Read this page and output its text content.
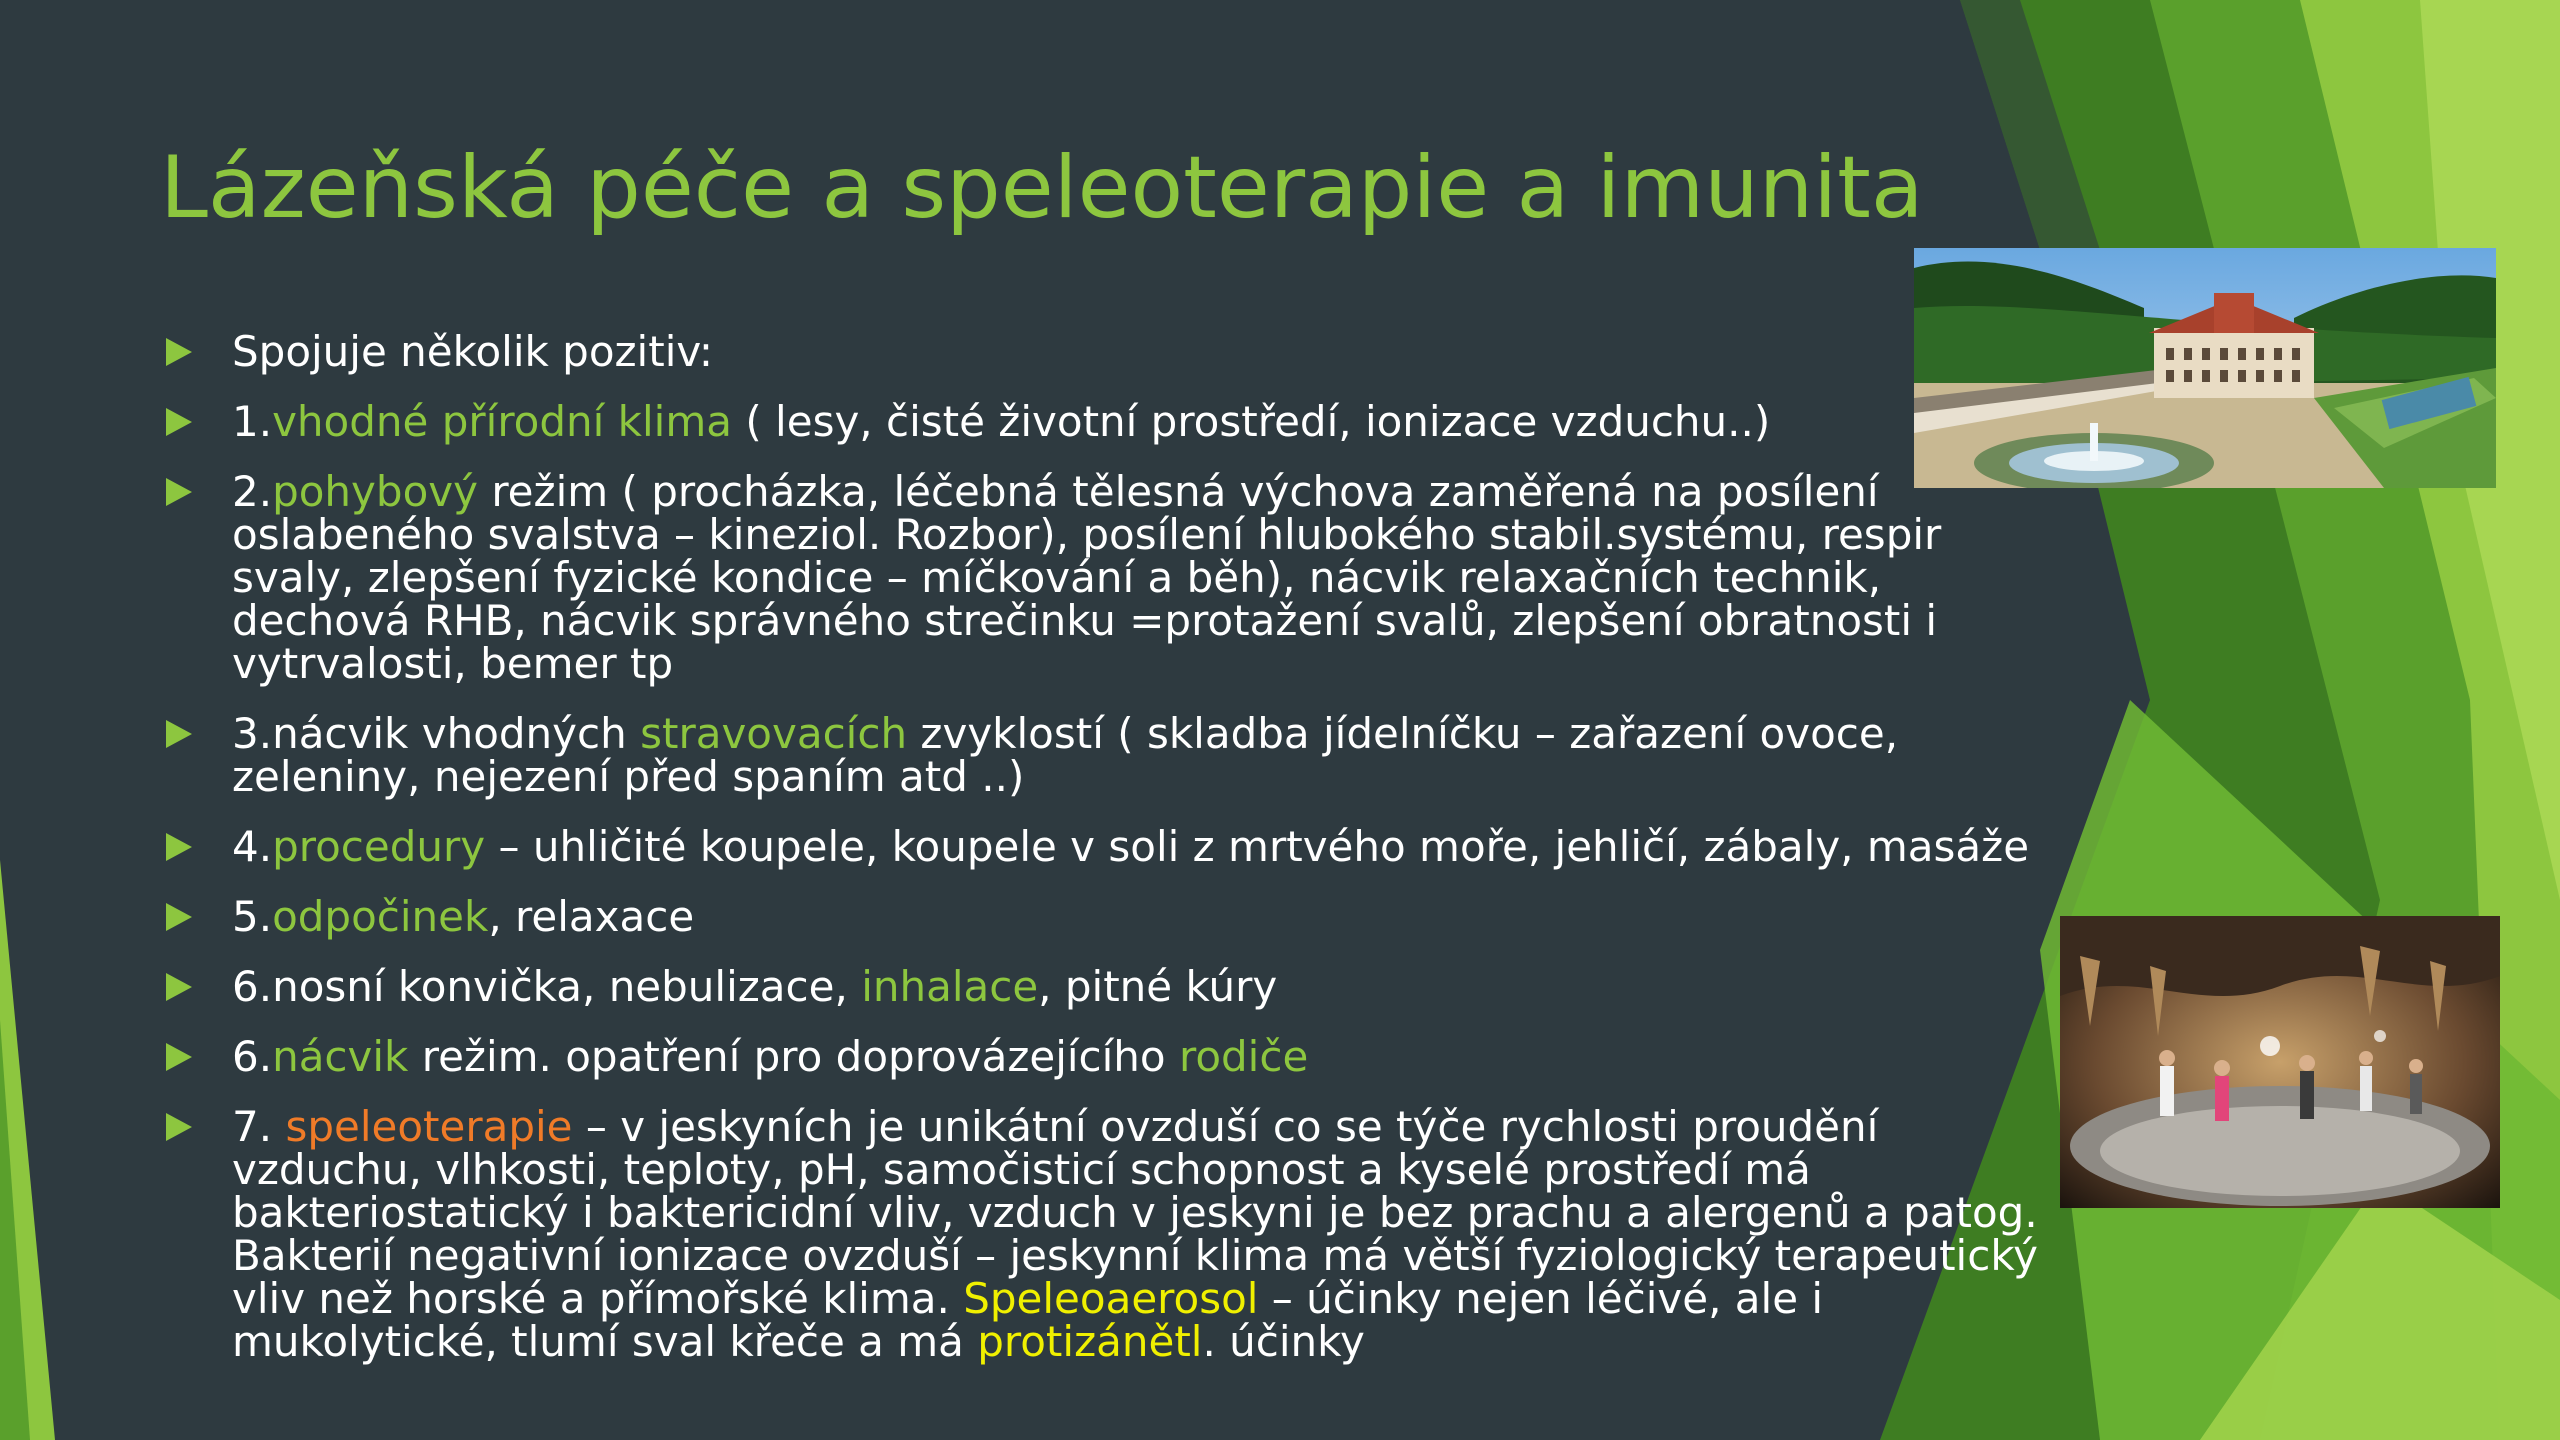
Lázeňská péče a speleoterapie a imunita
Spojuje několik pozitiv:
1.vhodné přírodní klima ( lesy, čisté životní prostředí, ionizace vzduchu..)
2.pohybový režim ( procházka, léčebná tělesná výchova zaměřená na posílení oslabeného svalstva – kineziol. Rozbor), posílení hlubokého stabil.systému, respir svaly, zlepšení fyzické kondice – míčkování a běh), nácvik relaxačních technik, dechová RHB, nácvik správného strečinku =protažení svalů, zlepšení obratnosti i vytrvalosti, bemer tp
3.nácvik vhodných stravovacích zvyklostí ( skladba jídelníčku – zařazení ovoce, zeleniny, nejezení před spaním atd ..)
4.procedury – uhličité koupele, koupele v soli z mrtvého moře, jehličí, zábaly, masáže
5.odpočinek, relaxace
6.nosní konvička, nebulizace, inhalace, pitné kúry
6.nácvik režim. opatření pro doprovázejícího rodiče
7. speleoterapie – v jeskyních je unikátní ovzduší co se týče rychlosti proudění vzduchu, vlhkosti, teploty, pH, samočisticí schopnost a kyselé prostředí má bakteriostatický i baktericidní vliv, vzduch v jeskyni je bez prachu a alergenů a patog. Bakterií negativní ionizace ovzduší – jeskynní klima má větší fyziologický terapeutický vliv než horské a přímořské klima. Speleoaerosol – účinky nejen léčivé, ale i mukolytické, tlumí sval křeče a má protizánětl. účinky
